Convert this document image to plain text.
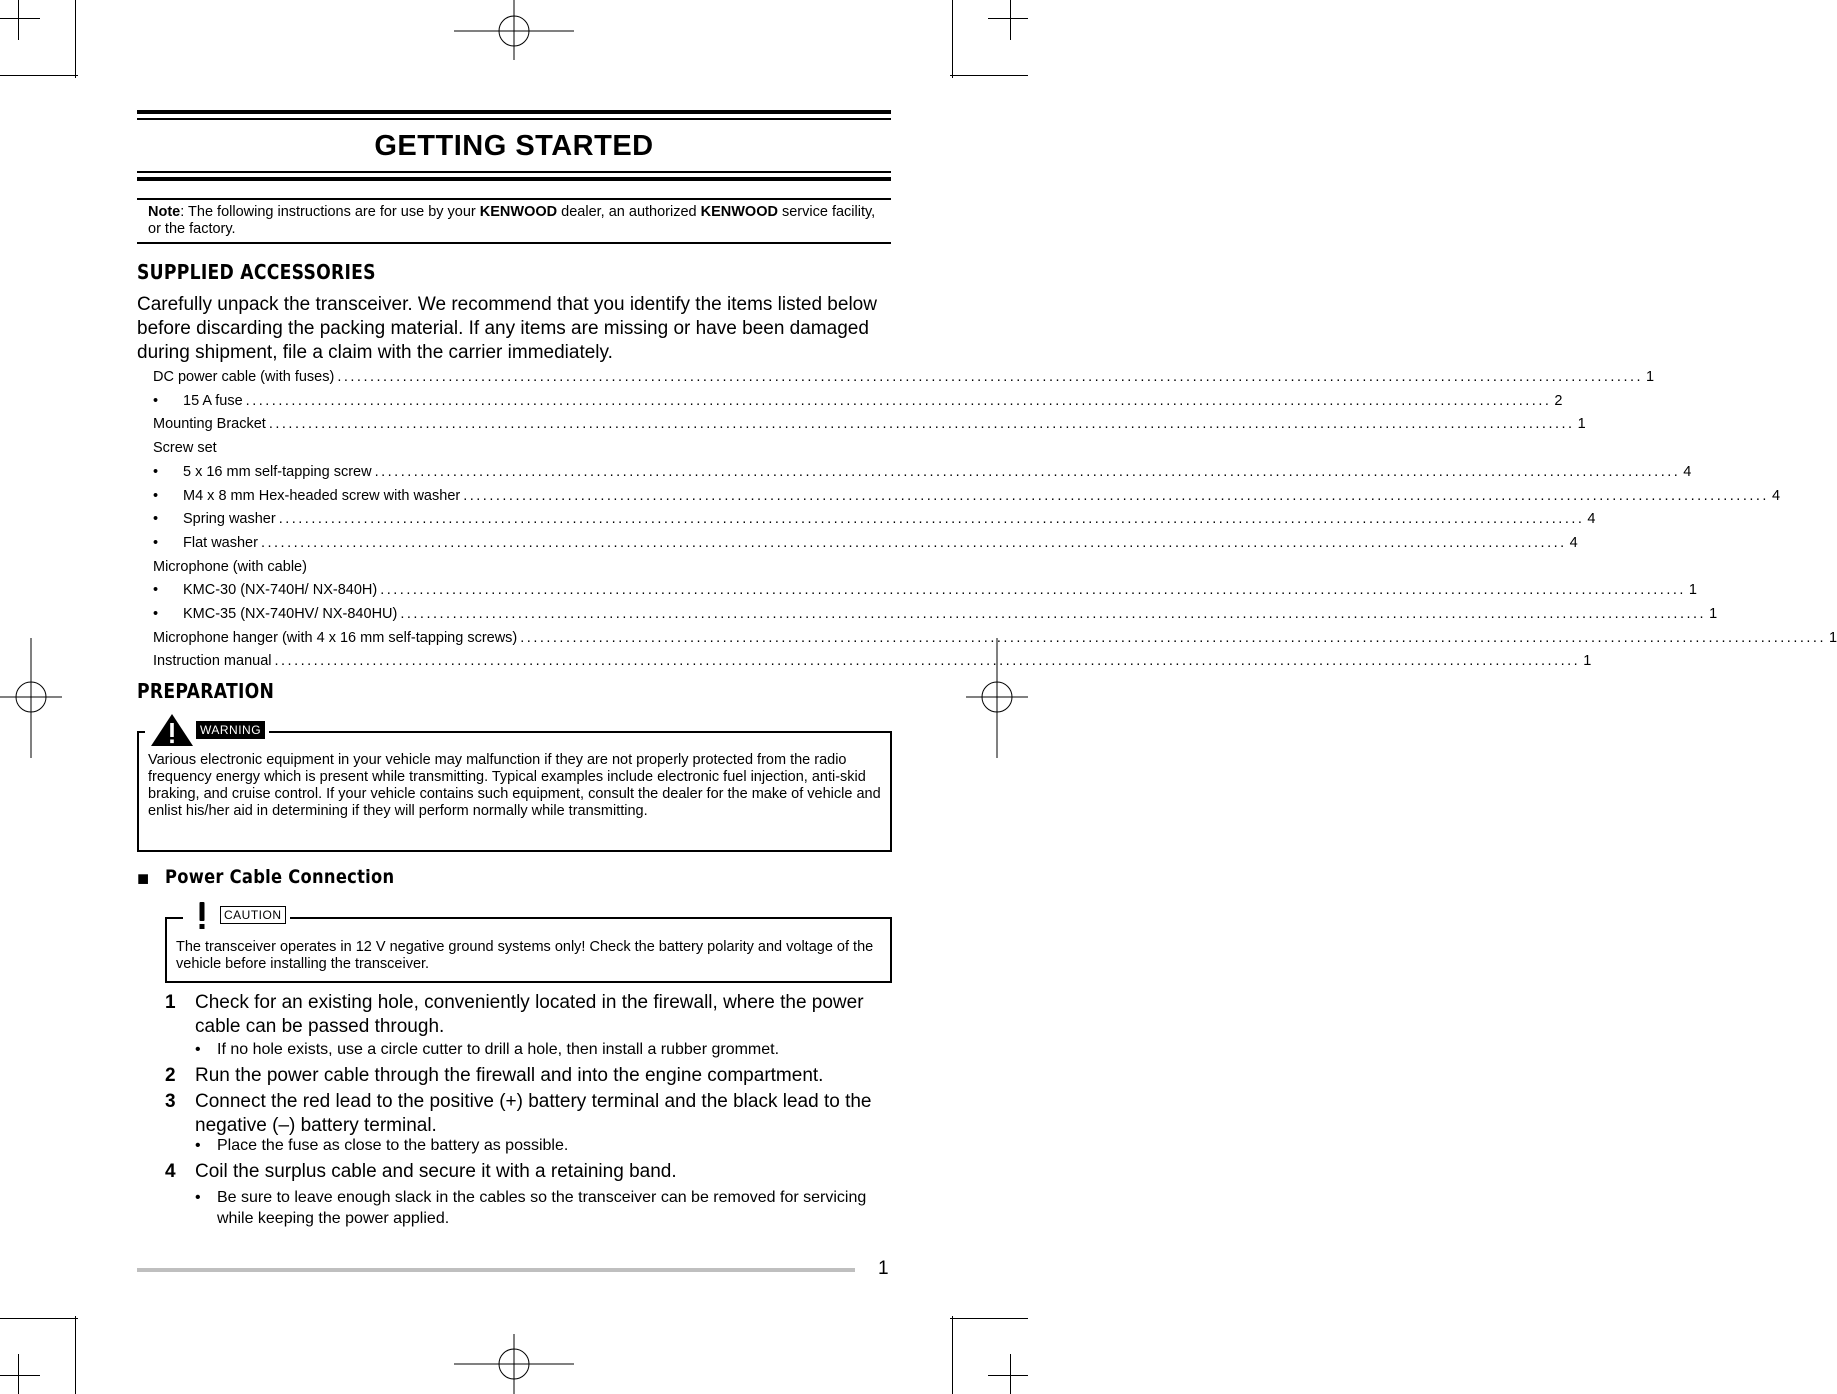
GETTING STARTED
Note: The following instructions are for use by your KENWOOD dealer, an authorized KENWOOD service facility, or the factory.
SUPPLIED ACCESSORIES
Carefully unpack the transceiver. We recommend that you identify the items listed below before discarding the packing material. If any items are missing or have been damaged during shipment, file a claim with the carrier immediately.
DC power cable (with fuses) ........................................................................................................................................................................................................ 1
•	15 A fuse ........................................................................................................................................................................................................ 2
Mounting Bracket ........................................................................................................................................................................................................ 1
Screw set
•	5 x 16 mm self-tapping screw ........................................................................................................................................................................................................ 4
•	M4 x 8 mm Hex-headed screw with washer ........................................................................................................................................................................................................ 4
•	Spring washer ........................................................................................................................................................................................................ 4
•	Flat washer ........................................................................................................................................................................................................ 4
Microphone (with cable)
•	KMC-30 (NX-740H/ NX-840H) ........................................................................................................................................................................................................ 1
•	KMC-35 (NX-740HV/ NX-840HU) ........................................................................................................................................................................................................ 1
Microphone hanger (with 4 x 16 mm self-tapping screws) ........................................................................................................................................................................................................ 1
Instruction manual ........................................................................................................................................................................................................ 1
PREPARATION
WARNING
Various electronic equipment in your vehicle may malfunction if they are not properly protected from the radio frequency energy which is present while transmitting. Typical examples include electronic fuel injection, anti-skid braking, and cruise control. If your vehicle contains such equipment, consult the dealer for the make of vehicle and enlist his/her aid in determining if they will perform normally while transmitting.
■ Power Cable Connection
CAUTION
The transceiver operates in 12 V negative ground systems only! Check the battery polarity and voltage of the vehicle before installing the transceiver.
1 Check for an existing hole, conveniently located in the firewall, where the power cable can be passed through.
• If no hole exists, use a circle cutter to drill a hole, then install a rubber grommet.
2 Run the power cable through the firewall and into the engine compartment.
3 Connect the red lead to the positive (+) battery terminal and the black lead to the negative (–) battery terminal.
• Place the fuse as close to the battery as possible.
4 Coil the surplus cable and secure it with a retaining band.
• Be sure to leave enough slack in the cables so the transceiver can be removed for servicing while keeping the power applied.
1
